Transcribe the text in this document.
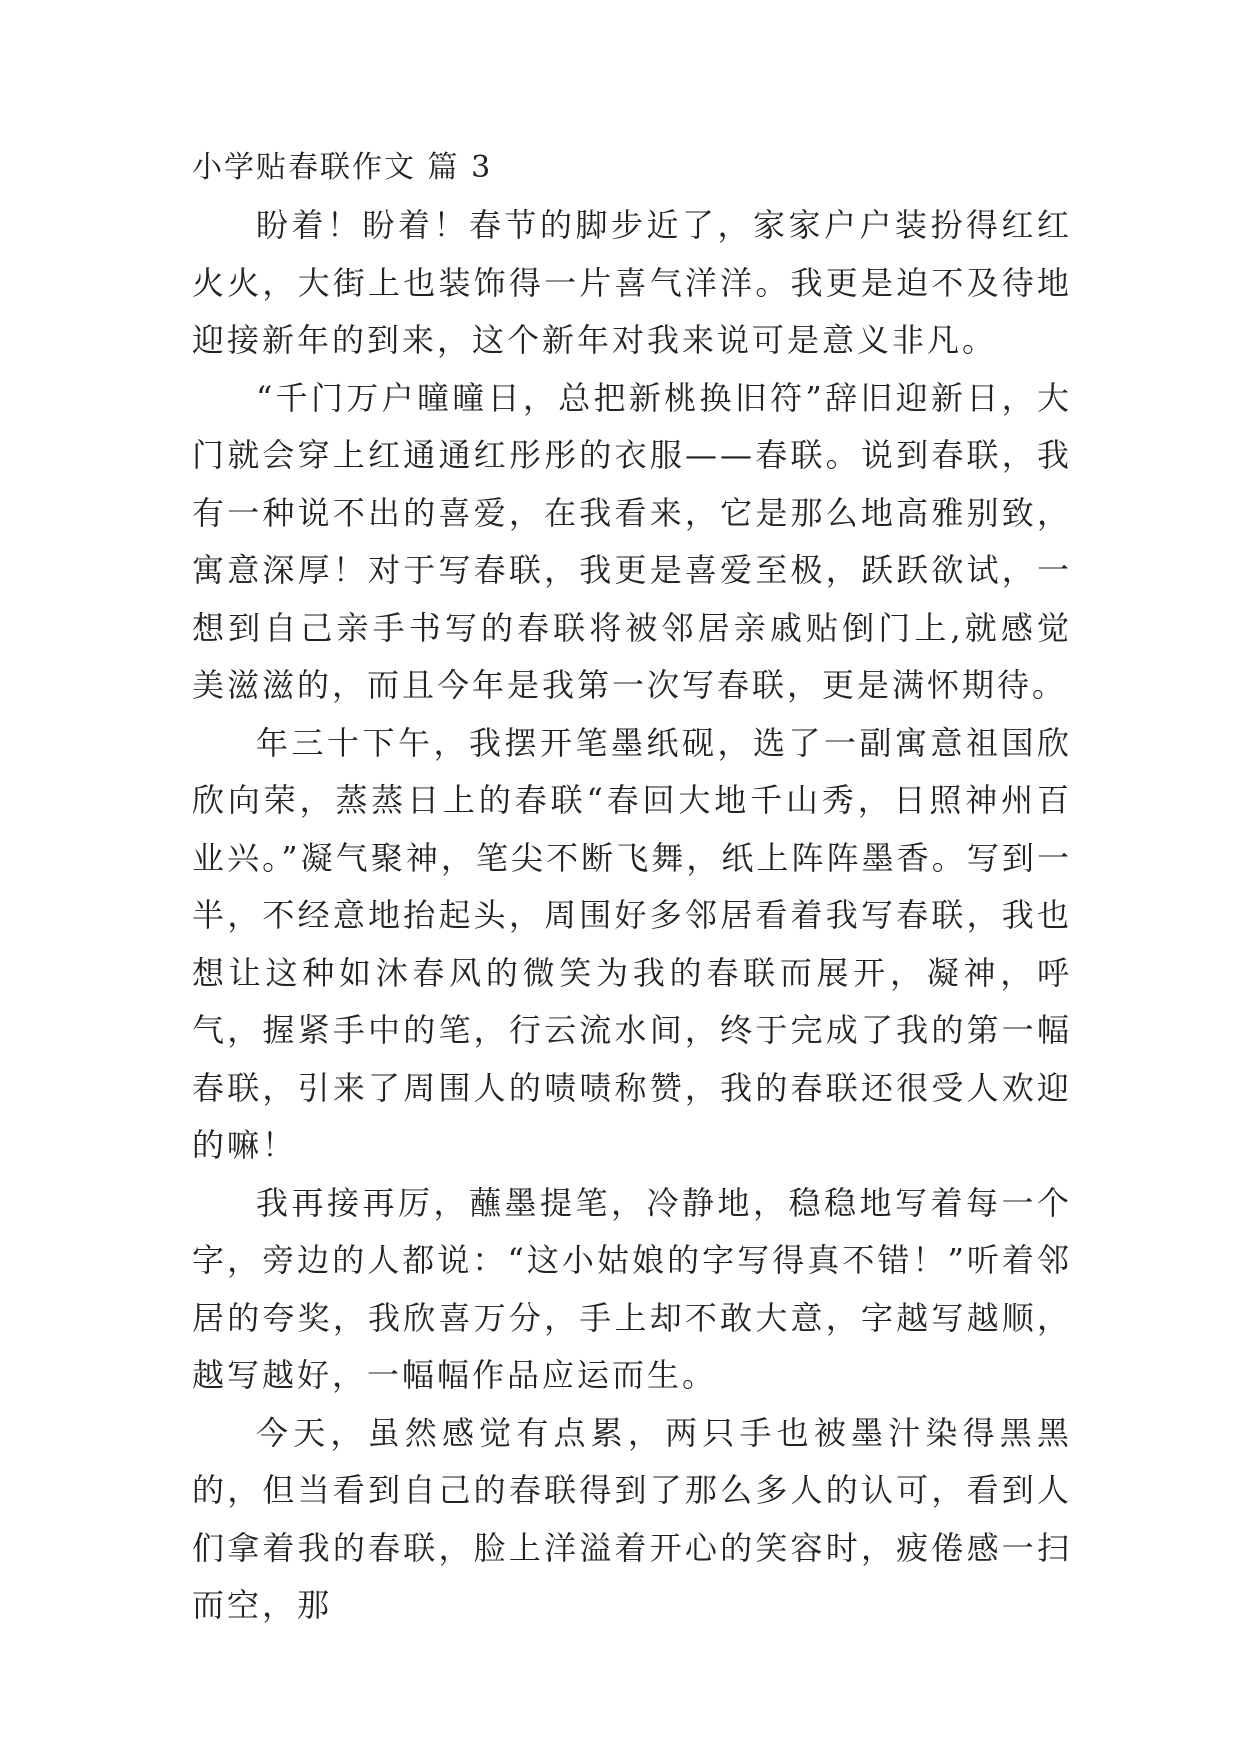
小学贴春联作文 篇 3

盼着！盼着！春节的脚步近了，家家户户装扮得红红火火，大街上也装饰得一片喜气洋洋。我更是迫不及待地迎接新年的到来，这个新年对我来说可是意义非凡。

“千门万户曈曈日，总把新桃换旧符”辞旧迎新日，大门就会穿上红通通红彤彤的衣服——春联。说到春联，我有一种说不出的喜爱，在我看来，它是那么地高雅别致，寓意深厚！对于写春联，我更是喜爱至极，跃跃欲试，一想到自己亲手书写的春联将被邻居亲戚贴倒门上,就感觉美滋滋的，而且今年是我第一次写春联，更是满怀期待。

年三十下午，我摆开笔墨纸砚，选了一副寓意祖国欣欣向荣，蒸蒸日上的春联“春回大地千山秀，日照神州百业兴。”凝气聚神，笔尖不断飞舞，纸上阵阵墨香。写到一半，不经意地抬起头，周围好多邻居看着我写春联，我也想让这种如沐春风的微笑为我的春联而展开，凝神，呼气，握紧手中的笔，行云流水间，终于完成了我的第一幅春联，引来了周围人的啧啧称赞，我的春联还很受人欢迎的嘛！

我再接再厉，蘸墨提笔，冷静地，稳稳地写着每一个字，旁边的人都说：“这小姑娘的字写得真不错！”听着邻居的夸奖，我欣喜万分，手上却不敢大意，字越写越顺，越写越好，一幅幅作品应运而生。

今天，虽然感觉有点累，两只手也被墨汁染得黑黑的，但当看到自己的春联得到了那么多人的认可，看到人们拿着我的春联，脸上洋溢着开心的笑容时，疲倦感一扫而空，那
